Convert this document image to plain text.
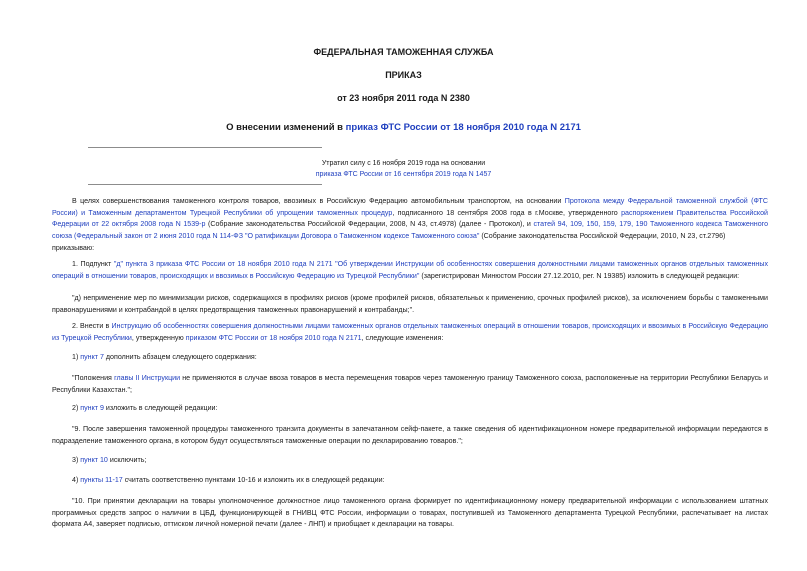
ФЕДЕРАЛЬНАЯ ТАМОЖЕННАЯ СЛУЖБА
ПРИКАЗ
от 23 ноября 2011 года N 2380
О внесении изменений в приказ ФТС России от 18 ноября 2010 года N 2171
Утратил силу с 16 ноября 2019 года на основании
приказа ФТС России от 16 сентября 2019 года N 1457
В целях совершенствования таможенного контроля товаров, ввозимых в Российскую Федерацию автомобильным транспортом, на основании Протокола между Федеральной таможенной службой (ФТС России) и Таможенным департаментом Турецкой Республики об упрощении таможенных процедур, подписанного 18 сентября 2008 года в г.Москве, утвержденного распоряжением Правительства Российской Федерации от 22 октября 2008 года N 1539-р (Собрание законодательства Российской Федерации, 2008, N 43, ст.4978) (далее - Протокол), и статей 94, 109, 150, 159, 179, 190 Таможенного кодекса Таможенного союза (Федеральный закон от 2 июня 2010 года N 114-ФЗ "О ратификации Договора о Таможенном кодексе Таможенного союза" (Собрание законодательства Российской Федерации, 2010, N 23, ст.2796)
приказываю:
1. Подпункт "д" пункта 3 приказа ФТС России от 18 ноября 2010 года N 2171 "Об утверждении Инструкции об особенностях совершения должностными лицами таможенных органов отдельных таможенных операций в отношении товаров, происходящих и ввозимых в Российскую Федерацию из Турецкой Республики" (зарегистрирован Минюстом России 27.12.2010, рег. N 19385) изложить в следующей редакции:
"д) неприменение мер по минимизации рисков, содержащихся в профилях рисков (кроме профилей рисков, обязательных к применению, срочных профилей рисков), за исключением борьбы с таможенными правонарушениями и контрабандой в целях предотвращения таможенных правонарушений и контрабанды;".
2. Внести в Инструкцию об особенностях совершения должностными лицами таможенных органов отдельных таможенных операций в отношении товаров, происходящих и ввозимых в Российскую Федерацию из Турецкой Республики, утвержденную приказом ФТС России от 18 ноября 2010 года N 2171, следующие изменения:
1) пункт 7 дополнить абзацем следующего содержания:
"Положения главы II Инструкции не применяются в случае ввоза товаров в места перемещения товаров через таможенную границу Таможенного союза, расположенные на территории Республики Беларусь и Республики Казахстан.";
2) пункт 9 изложить в следующей редакции:
"9. После завершения таможенной процедуры таможенного транзита документы в запечатанном сейф-пакете, а также сведения об идентификационном номере предварительной информации передаются в подразделение таможенного органа, в котором будут осуществляться таможенные операции по декларированию товаров.";
3) пункт 10 исключить;
4) пункты 11-17 считать соответственно пунктами 10-16 и изложить их в следующей редакции:
"10. При принятии декларации на товары уполномоченное должностное лицо таможенного органа формирует по идентификационному номеру предварительной информации с использованием штатных программных средств запрос о наличии в ЦБД, функционирующей в ГНИВЦ ФТС России, информации о товарах, поступившей из Таможенного департамента Турецкой Республики, распечатывает на листах формата А4, заверяет подписью, оттиском личной номерной печати (далее - ЛНП) и приобщает к декларации на товары.
